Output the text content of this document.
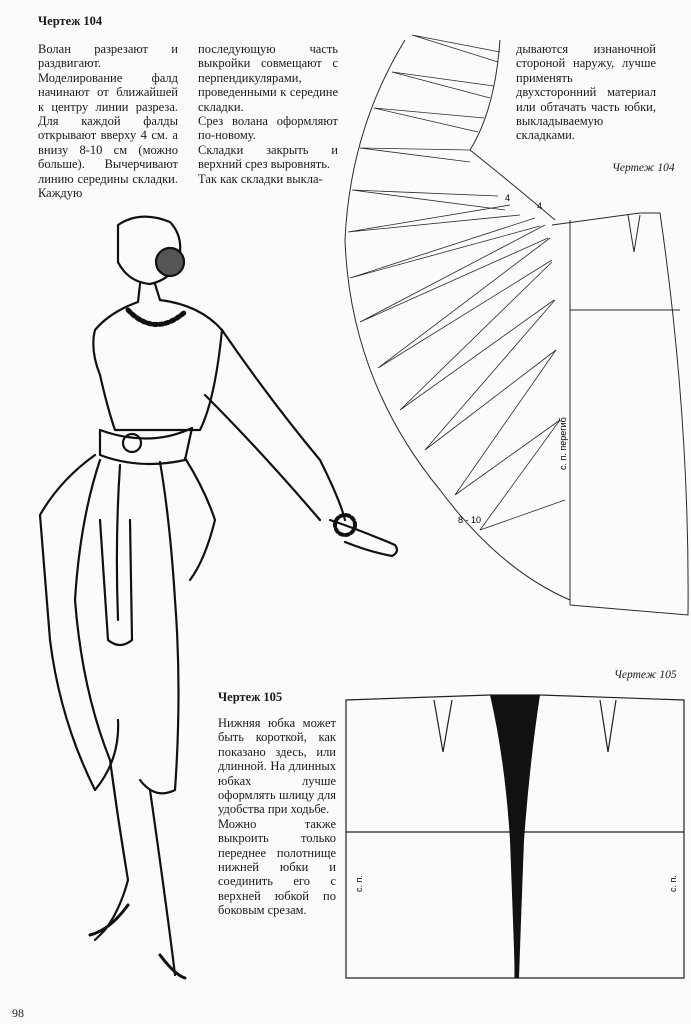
Чертеж 104

Волан разрезают и раздвигают. Моделирование фалд начинают от ближайшей к центру линии разреза. Для каждой фалды открывают вверху 4 см. а внизу 8-10 см (можно больше). Вычерчивают линию середины складки. Каждую

последующую часть выкройки совмещают с перпендикулярами, проведенными к середине складки.
Срез волана оформляют по-новому.
Складки закрыть и верхний срез выровнять.
Так как складки выкла-

дываются изнаночной стороной наружу, лучше применять двухсторонний материал или обтачать часть юбки, выкладываемую складками.

Чертеж 104
4
4
8 - 10
с. п. перегиб
Чертеж 105

Нижняя юбка может быть короткой, как показано здесь, или длинной. На длинных юбках лучше оформлять шлицу для удобства при ходьбе.
Можно также выкроить только переднее полотнище нижней юбки и соединить его с верхней юбкой по боковым срезам.

Чертеж 105
с. п.	с. п.
98
